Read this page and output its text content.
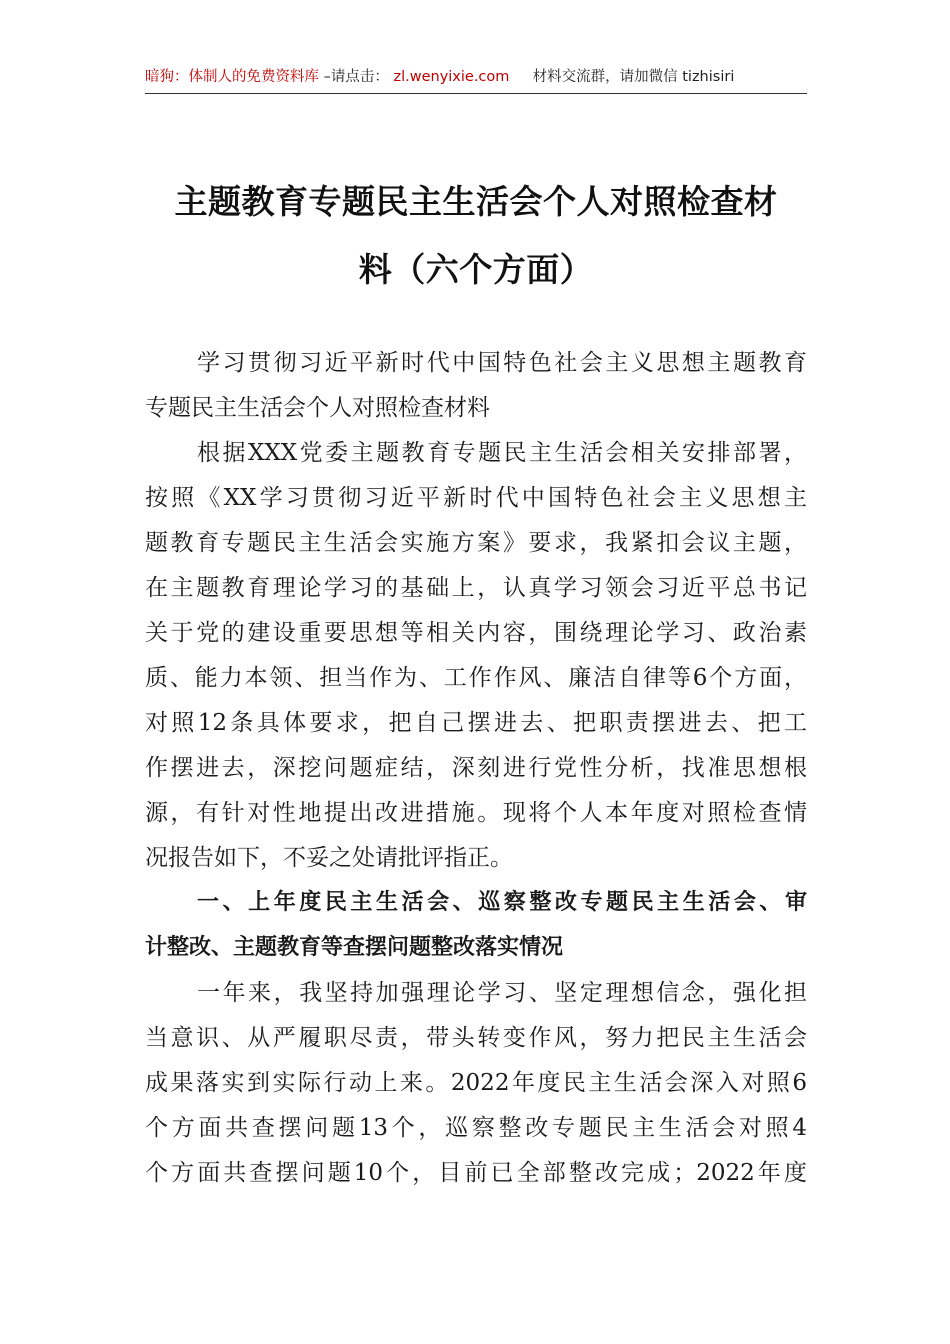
暗狗：体制人的免费资料库 –请点击： zl.wenyixie.com 材料交流群，请加微信 tizhisiri
主题教育专题民主生活会个人对照检查材
料（六个方面）
学习贯彻习近平新时代中国特色社会主义思想主题教育
专题民主生活会个人对照检查材料
根据XXX党委主题教育专题民主生活会相关安排部署，
按照《XX学习贯彻习近平新时代中国特色社会主义思想主
题教育专题民主生活会实施方案》要求，我紧扣会议主题，
在主题教育理论学习的基础上，认真学习领会习近平总书记
关于党的建设重要思想等相关内容，围绕理论学习、政治素
质、能力本领、担当作为、工作作风、廉洁自律等6个方面，
对照12条具体要求，把自己摆进去、把职责摆进去、把工
作摆进去，深挖问题症结，深刻进行党性分析，找准思想根
源，有针对性地提出改进措施。现将个人本年度对照检查情
况报告如下，不妥之处请批评指正。
一、上年度民主生活会、巡察整改专题民主生活会、审
计整改、主题教育等查摆问题整改落实情况
一年来，我坚持加强理论学习、坚定理想信念，强化担
当意识、从严履职尽责，带头转变作风，努力把民主生活会
成果落实到实际行动上来。2022年度民主生活会深入对照6
个方面共查摆问题13个，巡察整改专题民主生活会对照4
个方面共查摆问题10个，目前已全部整改完成；2022年度
